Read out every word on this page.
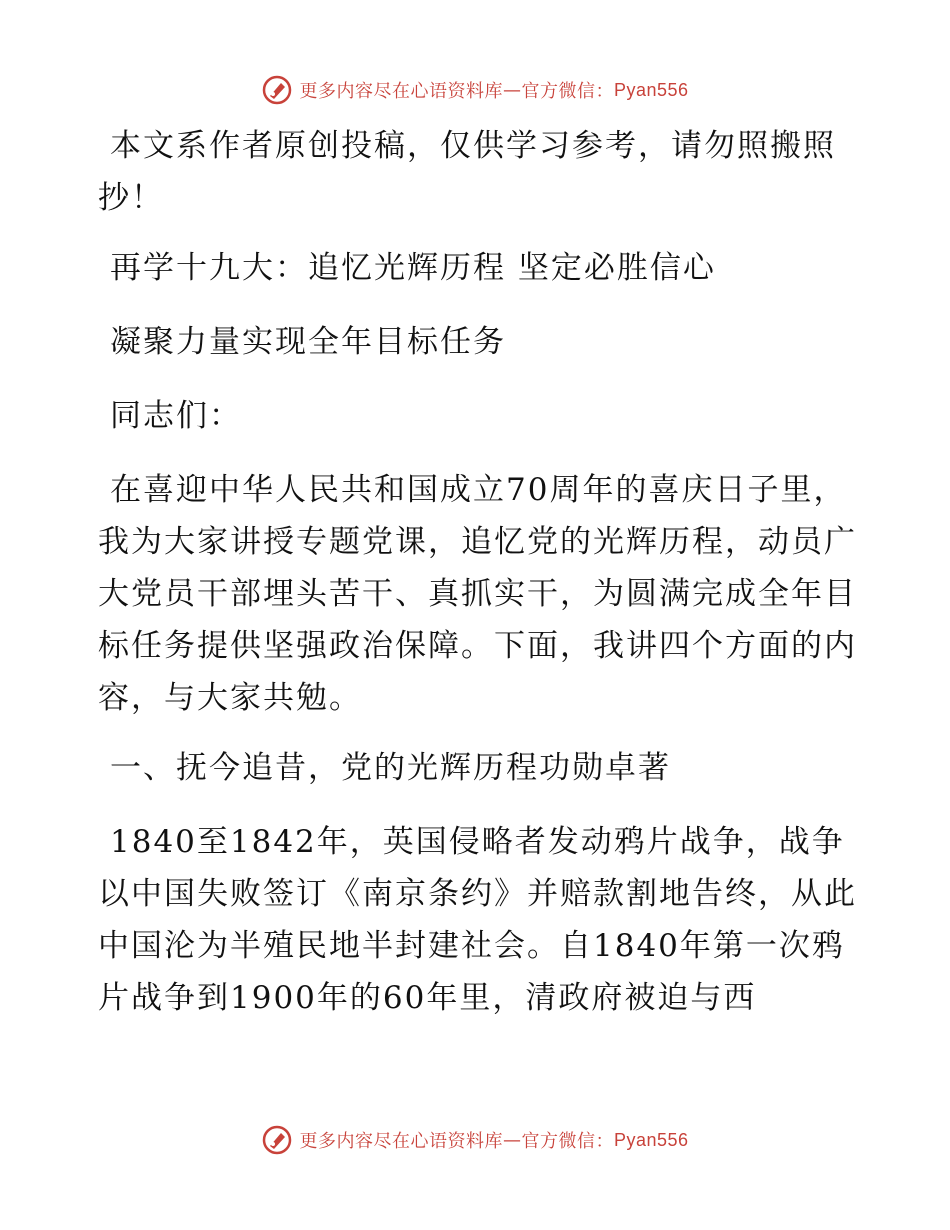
更多内容尽在心语资料库 — 官方微信： Pyan556

本文系作者原创投稿，仅供学习参考，请勿照搬照抄！

再学十九大：追忆光辉历程 坚定必胜信心

凝聚力量实现全年目标任务

同志们：

在喜迎中华人民共和国成立70周年的喜庆日子里，我为大家讲授专题党课，追忆党的光辉历程，动员广大党员干部埋头苦干、真抓实干，为圆满完成全年目标任务提供坚强政治保障。下面，我讲四个方面的内容，与大家共勉。

一、抚今追昔，党的光辉历程功勋卓著

1840至1842年，英国侵略者发动鸦片战争，战争以中国失败签订《南京条约》并赔款割地告终，从此中国沦为半殖民地半封建社会。自1840年第一次鸦片战争到1900年的60年里，清政府被迫与西

更多内容尽在心语资料库 — 官方微信： Pyan556
